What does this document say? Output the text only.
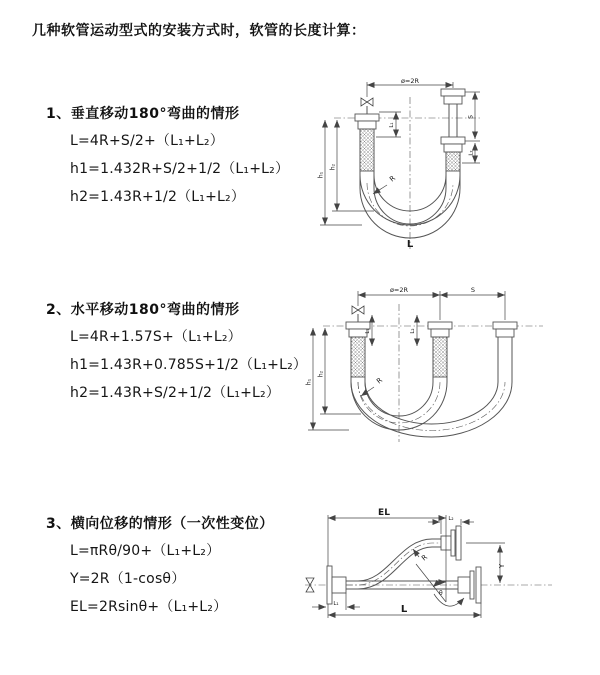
几种软管运动型式的安装方式时，软管的长度计算：
1、垂直移动180°弯曲的情形
L=4R+S/2+（L₁+L₂）
h1=1.432R+S/2+1/2（L₁+L₂）
h2=1.43R+1/2（L₁+L₂）
2、水平移动180°弯曲的情形
L=4R+1.57S+（L₁+L₂）
h1=1.43R+0.785S+1/2（L₁+L₂）
h2=1.43R+S/2+1/2（L₁+L₂）
3、横向位移的情形（一次性变位）
L=πRθ/90+（L₁+L₂）
Y=2R（1-cosθ）
EL=2Rsinθ+（L₁+L₂）
ø=2R
h₁
h₂
L₁
S
L₂
R
L
ø=2R	S
h₁
h₂
L₁	L₂
R
EL
L₂
Y
L₁	L
R
θ
